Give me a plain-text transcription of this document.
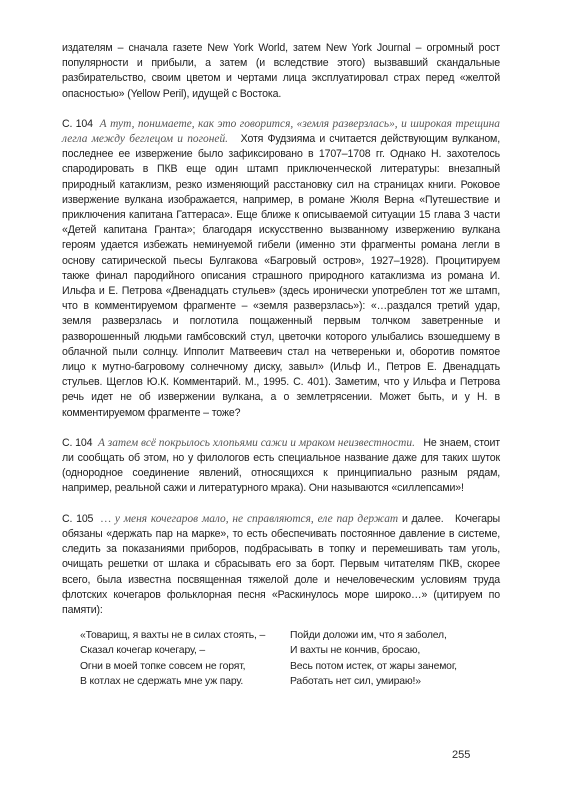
издателям – сначала газете New York World, затем New York Journal – огромный рост популярности и прибыли, а затем (и вследствие этого) вызвавший скандальные разбирательство, своим цветом и чертами лица эксплуатировал страх перед «желтой опасностью» (Yellow Peril), идущей с Востока.

С. 104 А тут, понимаете, как это говорится, «земля разверзлась», и широкая трещина легла между беглецом и погоней. Хотя Фудзияма и считается действующим вулканом, последнее ее извержение было зафиксировано в 1707–1708 гг. Однако Н. захотелось спародировать в ПКВ еще один штамп приключенческой литературы: внезапный природный катаклизм, резко изменяющий расстановку сил на страницах книги. Роковое извержение вулкана изображается, например, в романе Жюля Верна «Путешествие и приключения капитана Гаттераса». Еще ближе к описываемой ситуации 15 глава 3 части «Детей капитана Гранта»; благодаря искусственно вызванному извержению вулкана героям удается избежать неминуемой гибели (именно эти фрагменты романа легли в основу сатирической пьесы Булгакова «Багровый остров», 1927–1928). Процитируем также финал пародийного описания страшного природного катаклизма из романа И. Ильфа и Е. Петрова «Двенадцать стульев» (здесь иронически употреблен тот же штамп, что в комментируемом фрагменте – «земля разверзлась»): «…раздался третий удар, земля разверзлась и поглотила пощаженный первым толчком заветренные и разворошенный людьми гамбсовский стул, цветочки которого улыбались взошедшему в облачной пыли солнцу. Ипполит Матвеевич стал на четвереньки и, оборотив помятое лицо к мутно-багровому солнечному диску, завыл» (Ильф И., Петров Е. Двенадцать стульев. Щеглов Ю.К. Комментарий. М., 1995. С. 401). Заметим, что у Ильфа и Петрова речь идет не об извержении вулкана, а о землетрясении. Может быть, и у Н. в комментируемом фрагменте – тоже?

С. 104 А затем всё покрылось хлопьями сажи и мраком неизвестности. Не знаем, стоит ли сообщать об этом, но у филологов есть специальное название даже для таких шуток (однородное соединение явлений, относящихся к принципиально разным рядам, например, реальной сажи и литературного мрака). Они называются «силлепсами»!

С. 105 … у меня кочегаров мало, не справляются, еле пар держат и далее. Кочегары обязаны «держать пар на марке», то есть обеспечивать постоянное давление в системе, следить за показаниями приборов, подбрасывать в топку и перемешивать там уголь, очищать решетки от шлака и сбрасывать его за борт. Первым читателям ПКВ, скорее всего, была известна посвященная тяжелой доле и нечеловеческим условиям труда флотских кочегаров фольклорная песня «Раскинулось море широко…» (цитируем по памяти):

«Товарищ, я вахты не в силах стоять, –
Сказал кочегар кочегару, –
Огни в моей топке совсем не горят,
В котлах не сдержать мне уж пару.
Пойди доложи им, что я заболел,
И вахты не кончив, бросаю,
Весь потом истек, от жары занемог,
Работать нет сил, умираю!»
255
